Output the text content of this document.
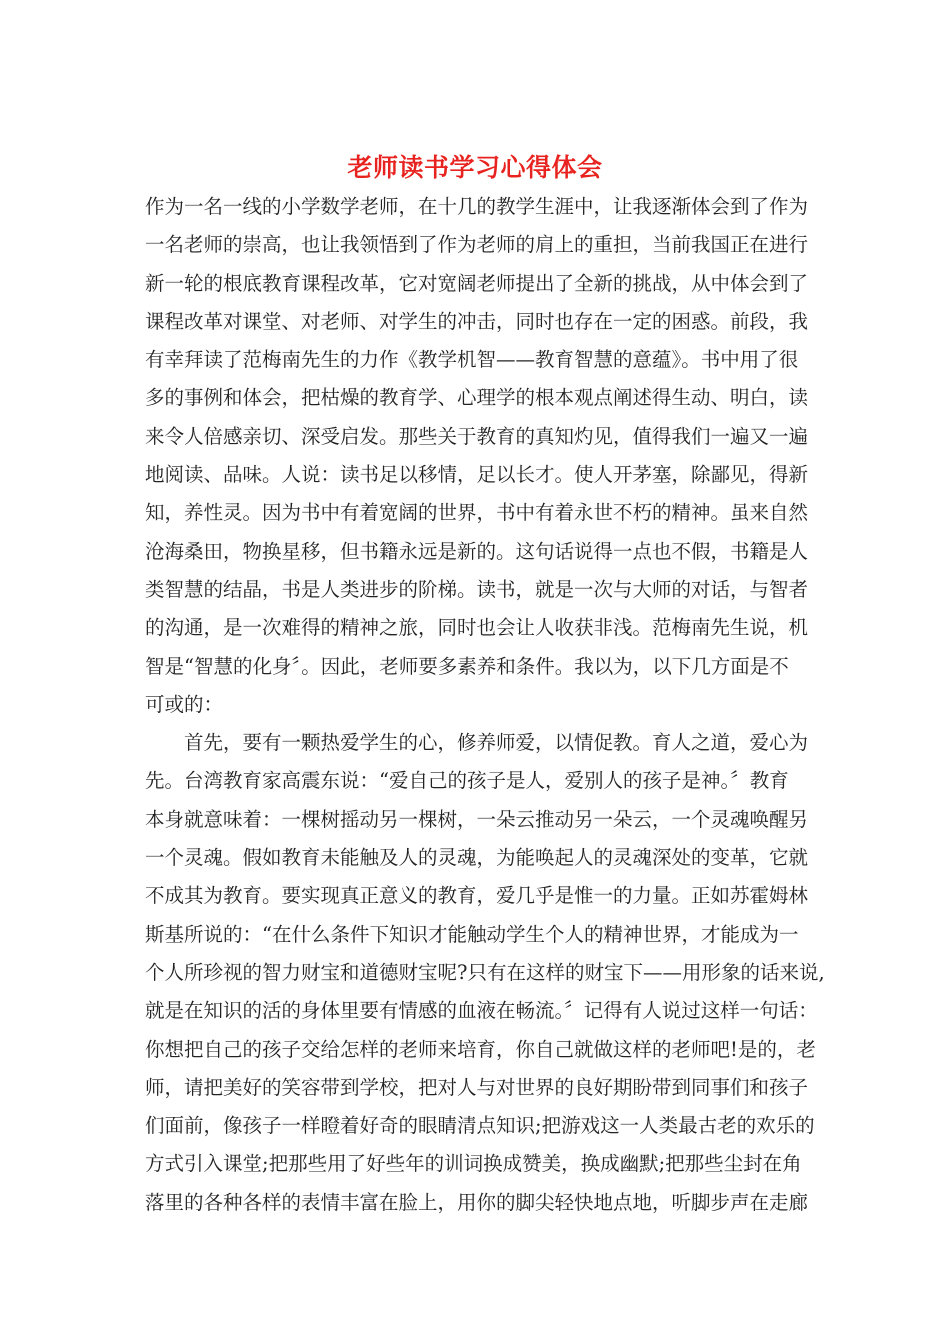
老师读书学习心得体会
作为一名一线的小学数学老师，在十几的教学生涯中，让我逐渐体会到了作为
一名老师的崇高，也让我领悟到了作为老师的肩上的重担，当前我国正在进行
新一轮的根底教育课程改革，它对宽阔老师提出了全新的挑战，从中体会到了
课程改革对课堂、对老师、对学生的冲击，同时也存在一定的困惑。前段，我
有幸拜读了范梅南先生的力作《教学机智——教育智慧的意蕴》。书中用了很
多的事例和体会，把枯燥的教育学、心理学的根本观点阐述得生动、明白，读
来令人倍感亲切、深受启发。那些关于教育的真知灼见，值得我们一遍又一遍
地阅读、品味。人说：读书足以移情，足以长才。使人开茅塞，除鄙见，得新
知，养性灵。因为书中有着宽阔的世界，书中有着永世不朽的精神。虽来自然
沧海桑田，物换星移，但书籍永远是新的。这句话说得一点也不假，书籍是人
类智慧的结晶，书是人类进步的阶梯。读书，就是一次与大师的对话，与智者
的沟通，是一次难得的精神之旅，同时也会让人收获非浅。范梅南先生说，机
智是“智慧的化身〞。因此，老师要多素养和条件。我以为，以下几方面是不
可或的：
　　首先，要有一颗热爱学生的心，修养师爱，以情促教。育人之道，爱心为
先。台湾教育家高震东说：“爱自己的孩子是人，爱别人的孩子是神。〞教育
本身就意味着：一棵树摇动另一棵树，一朵云推动另一朵云，一个灵魂唤醒另
一个灵魂。假如教育未能触及人的灵魂，为能唤起人的灵魂深处的变革，它就
不成其为教育。要实现真正意义的教育，爱几乎是惟一的力量。正如苏霍姆林
斯基所说的：“在什么条件下知识才能触动学生个人的精神世界，才能成为一
个人所珍视的智力财宝和道德财宝呢?只有在这样的财宝下——用形象的话来说,
就是在知识的活的身体里要有情感的血液在畅流。〞记得有人说过这样一句话：
你想把自己的孩子交给怎样的老师来培育，你自己就做这样的老师吧!是的，老
师，请把美好的笑容带到学校，把对人与对世界的良好期盼带到同事们和孩子
们面前，像孩子一样瞪着好奇的眼睛清点知识;把游戏这一人类最古老的欢乐的
方式引入课堂;把那些用了好些年的训词换成赞美，换成幽默;把那些尘封在角
落里的各种各样的表情丰富在脸上，用你的脚尖轻快地点地，听脚步声在走廊
